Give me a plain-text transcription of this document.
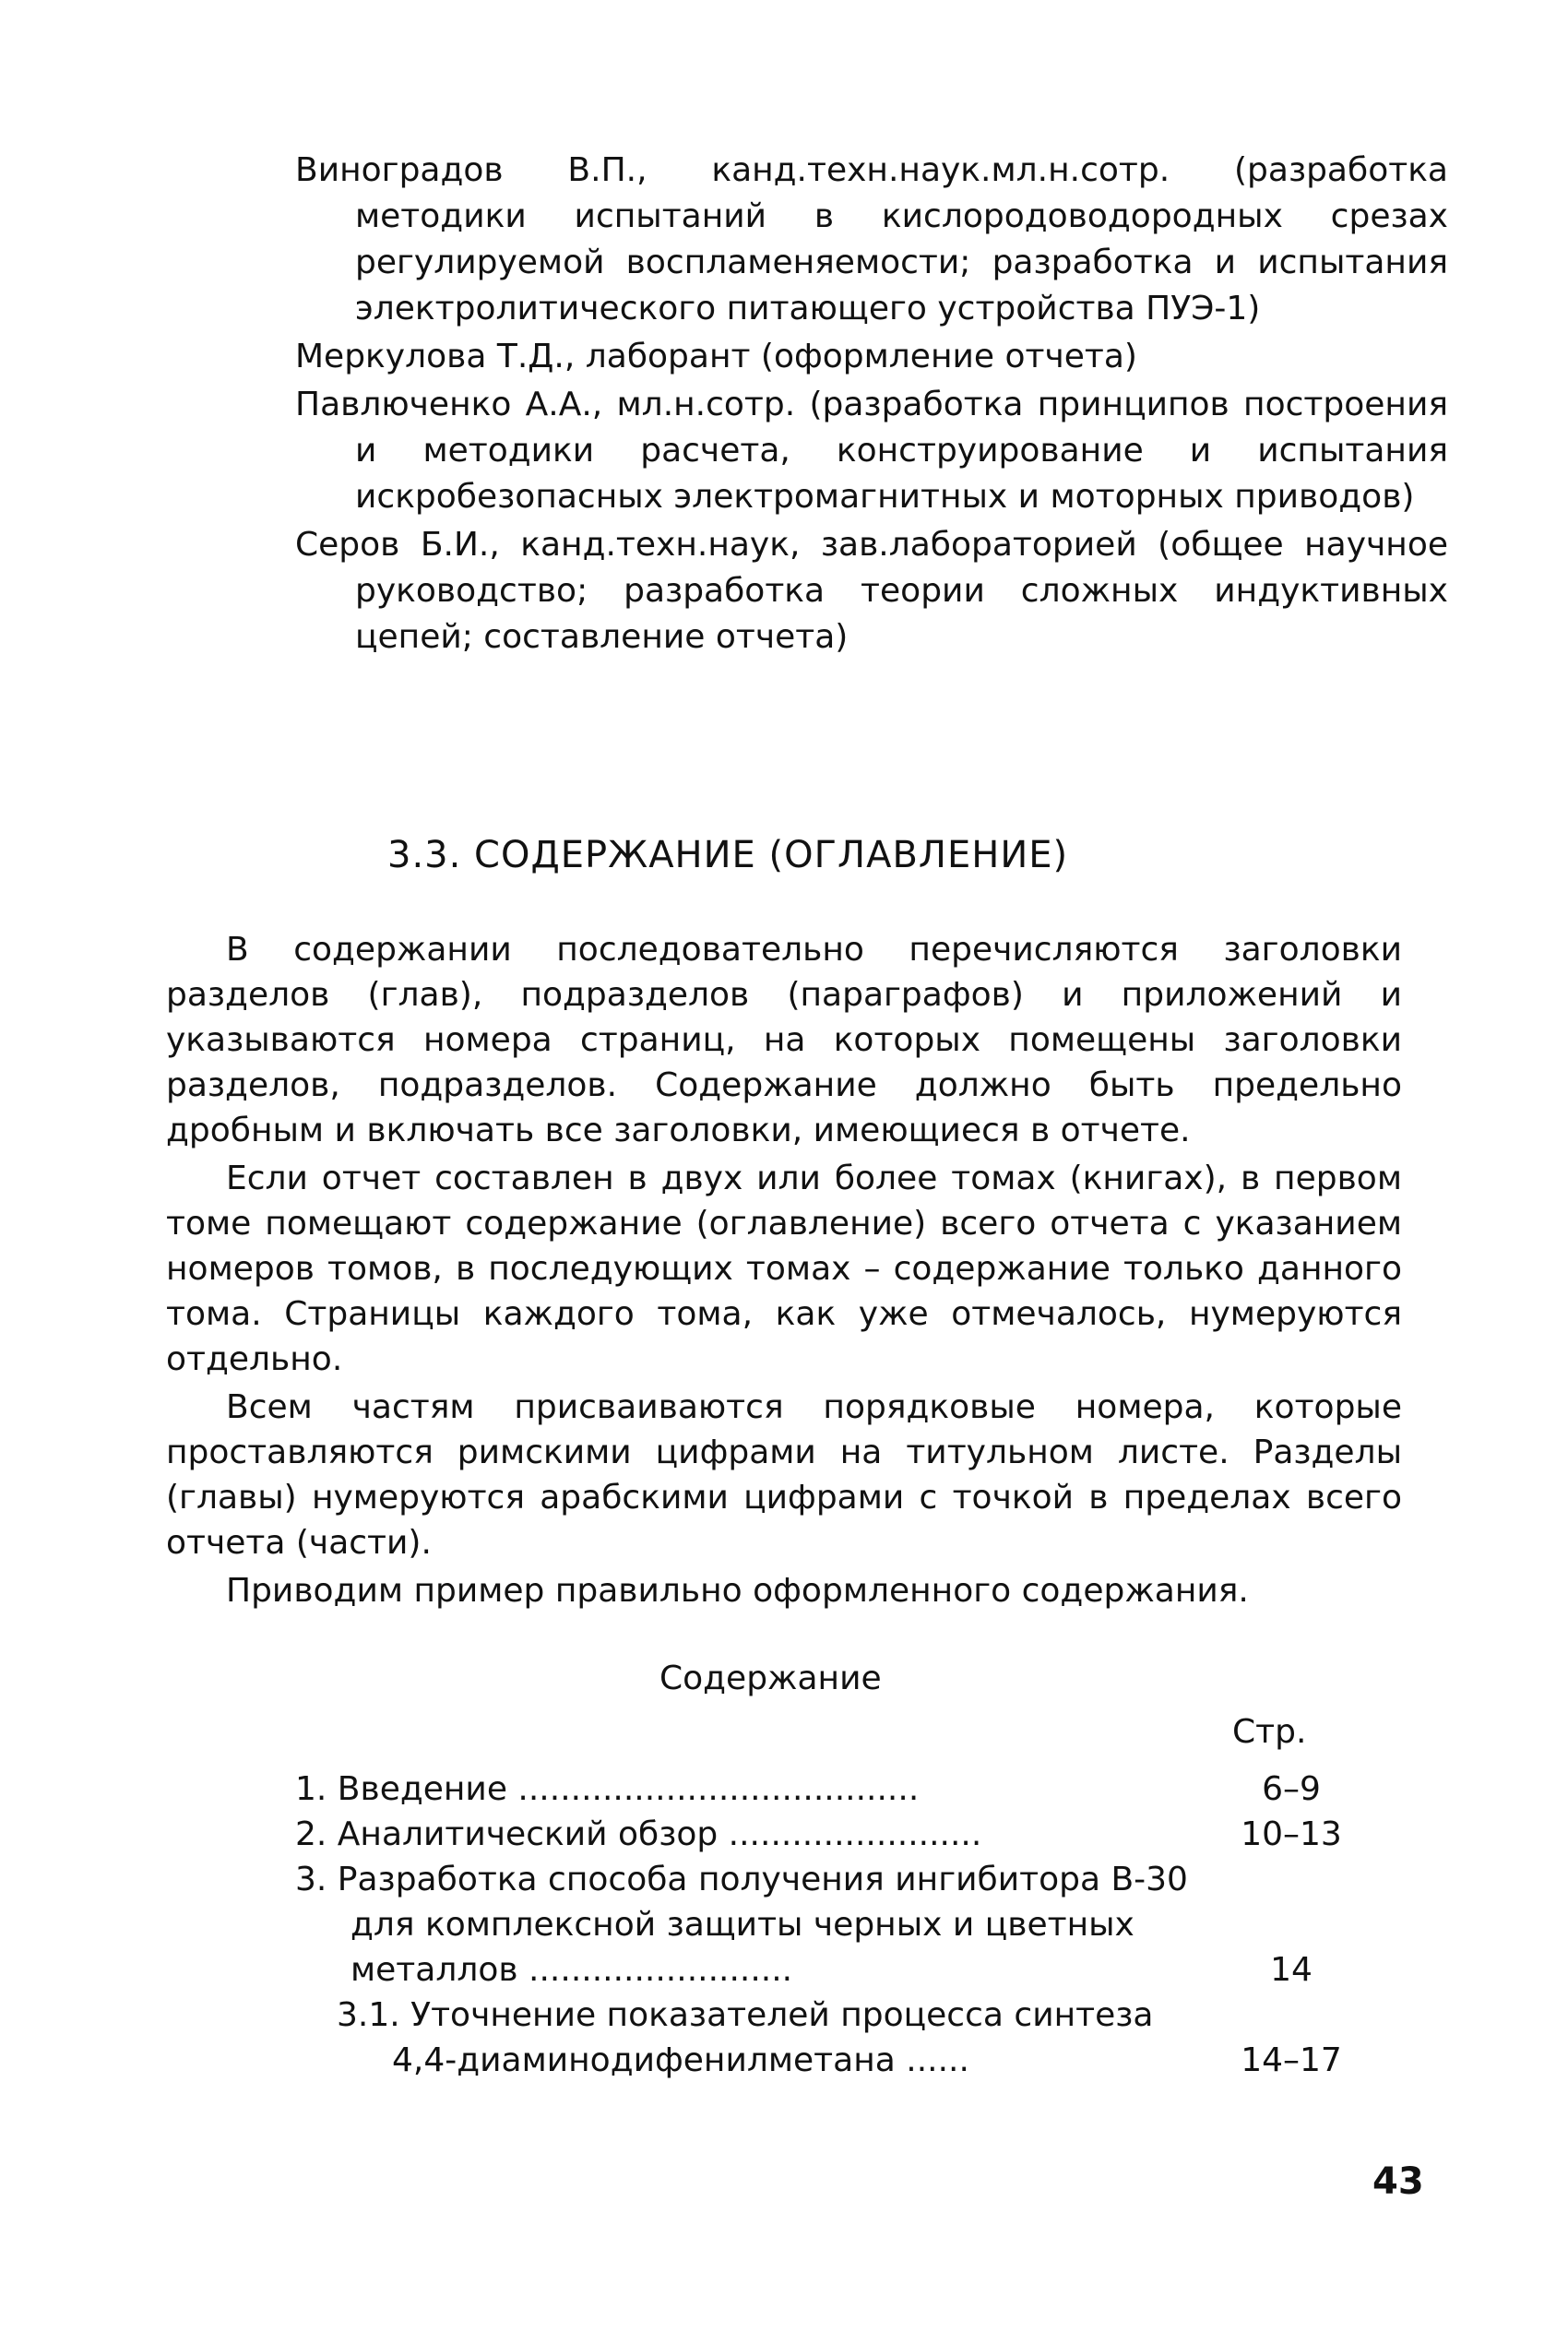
Виноградов В.П., канд.техн.наук.мл.н.сотр. (разработка методики испытаний в кислородоводородных срезах регулируемой воспламеняемости; разработка и испытания электролитического питающего устройства ПУЭ-1)

Меркулова Т.Д., лаборант (оформление отчета)

Павлюченко А.А., мл.н.сотр. (разработка принципов построения и методики расчета, конструирование и испытания искробезопасных электромагнитных и моторных приводов)

Серов Б.И., канд.техн.наук, зав.лабораторией (общее научное руководство; разработка теории сложных индуктивных цепей; составление отчета)

3.3. СОДЕРЖАНИЕ (ОГЛАВЛЕНИЕ)

В содержании последовательно перечисляются заголовки разделов (глав), подразделов (параграфов) и приложений и указываются номера страниц, на которых помещены заголовки разделов, подразделов. Содержание должно быть предельно дробным и включать все заголовки, имеющиеся в отчете.

Если отчет составлен в двух или более томах (книгах), в первом томе помещают содержание (оглавление) всего отчета с указанием номеров томов, в последующих томах – содержание только данного тома. Страницы каждого тома, как уже отмечалось, нумеруются отдельно.

Всем частям присваиваются порядковые номера, которые проставляются римскими цифрами на титульном листе. Разделы (главы) нумеруются арабскими цифрами с точкой в пределах всего отчета (части).

Приводим пример правильно оформленного содержания.

Содержание
Стр.
1. Введение ......................................	6–9
2. Аналитический обзор ........................	10–13
3. Разработка способа получения ингибитора В-30 для комплексной защиты черных и цветных металлов .........................	14
3.1. Уточнение показателей процесса синтеза 4,4-диаминодифенилметана ......	14–17
43
